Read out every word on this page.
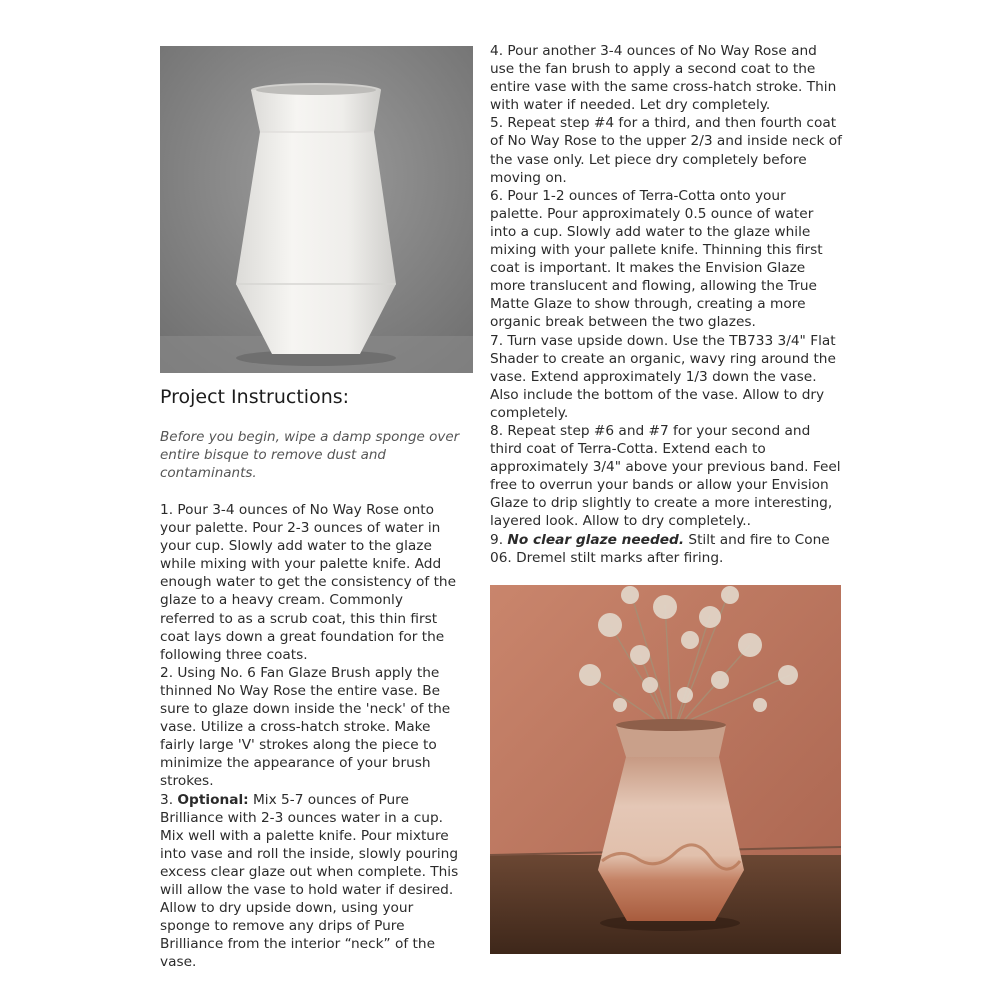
Project Instructions:
Before you begin, wipe a damp sponge over entire bisque to remove dust and contaminants.

1. Pour 3-4 ounces of No Way Rose onto your palette. Pour 2-3 ounces of water in your cup. Slowly add water to the glaze while mixing with your palette knife. Add enough water to get the consistency of the glaze to a heavy cream. Commonly referred to as a scrub coat, this thin first coat lays down a great foundation for the following three coats.

2. Using No. 6 Fan Glaze Brush apply the thinned No Way Rose the entire vase. Be sure to glaze down inside the 'neck' of the vase. Utilize a cross-hatch stroke. Make fairly large 'V' strokes along the piece to minimize the appearance of your brush strokes.

3. Optional: Mix 5-7 ounces of Pure Brilliance with 2-3 ounces water in a cup. Mix well with a palette knife. Pour mixture into vase and roll the inside, slowly pouring excess clear glaze out when complete. This will allow the vase to hold water if desired. Allow to dry upside down, using your sponge to remove any drips of Pure Brilliance from the interior “neck” of the vase.

4. Pour another 3-4 ounces of No Way Rose and use the fan brush to apply a second coat to the entire vase with the same cross-hatch stroke. Thin with water if needed. Let dry completely.

5. Repeat step #4 for a third, and then fourth coat of No Way Rose to the upper 2/3 and inside neck of the vase only. Let piece dry completely before moving on.

6. Pour 1-2 ounces of Terra-Cotta onto your palette. Pour approximately 0.5 ounce of water into a cup. Slowly add water to the glaze while mixing with your pallete knife. Thinning this first coat is important. It makes the Envision Glaze more translucent and flowing, allowing the True Matte Glaze to show through, creating a more organic break between the two glazes.

7. Turn vase upside down. Use the TB733 3/4" Flat Shader to create an organic, wavy ring around the vase. Extend approximately 1/3 down the vase. Also include the bottom of the vase. Allow to dry completely.

8. Repeat step #6 and #7 for your second and third coat of Terra-Cotta. Extend each to approximately 3/4" above your previous band. Feel free to overrun your bands or allow your Envision Glaze to drip slightly to create a more interesting, layered look. Allow to dry completely..

9. No clear glaze needed. Stilt and fire to Cone 06. Dremel stilt marks after firing.
